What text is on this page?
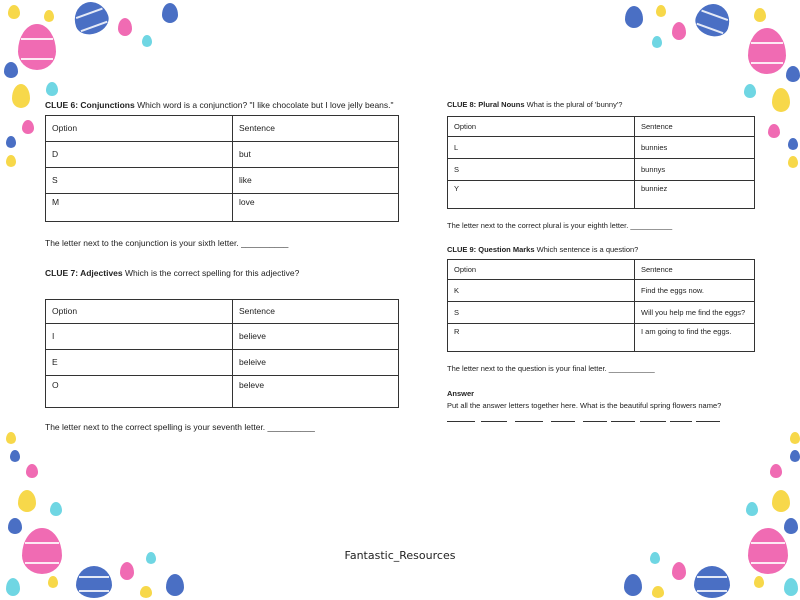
CLUE 6: Conjunctions Which word is a conjunction? "I like chocolate but I love jelly beans."

Option	Sentence
D	but
S	like
M	love

The letter next to the conjunction is your sixth letter. __________

CLUE 7: Adjectives Which is the correct spelling for this adjective?

Option	Sentence
I	believe
E	beleive
O	beleve

The letter next to the correct spelling is your seventh letter. __________

CLUE 8: Plural Nouns What is the plural of 'bunny'?

Option	Sentence
L	bunnies
S	bunnys
Y	bunniez

The letter next to the correct plural is your eighth letter. __________

CLUE 9: Question Marks Which sentence is a question?

Option	Sentence
K	Find the eggs now.
S	Will you help me find the eggs?
R	I am going to find the eggs.

The letter next to the question is your final letter. ___________

Answer

Put all the answer letters together here. What is the beautiful spring flowers name?

Fantastic_Resources
